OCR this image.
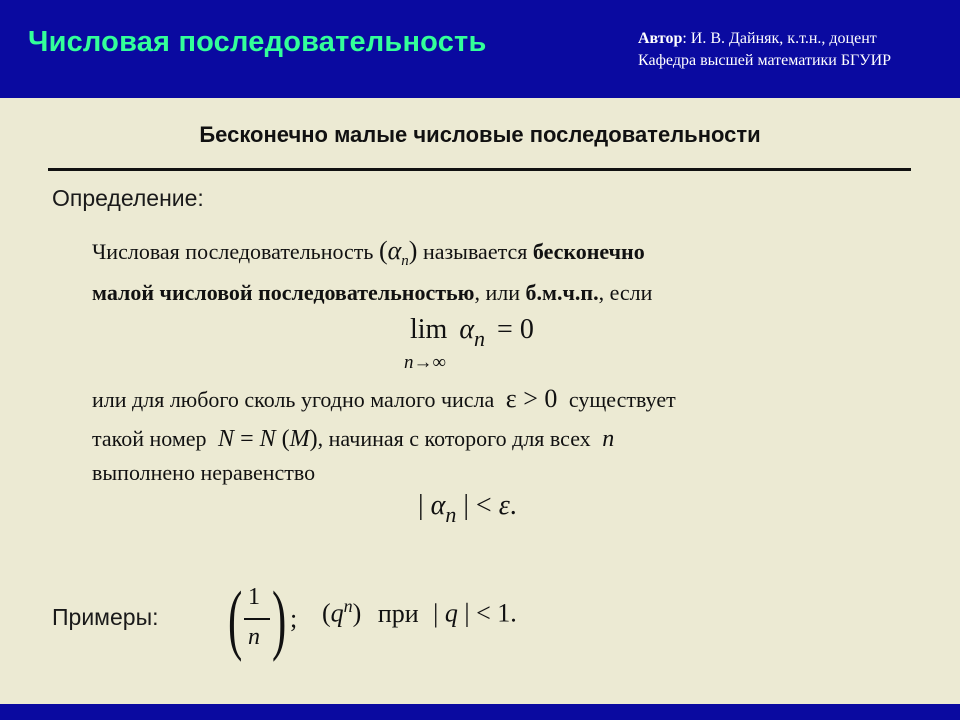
Числовая последовательность	Автор: И. В. Дайняк, к.т.н., доцент
Кафедра высшей математики БГУИР
Бесконечно малые числовые последовательности
Определение:
Числовая последовательность $(\alpha_n)$ называется бесконечно
малой числовой последовательностью, или б.м.ч.п., если
lim αn = 0
n→∞
или для любого сколь угодно малого числа ε > 0 существует
такой номер N = N (M), начиная с которого для всех n
выполнено неравенство
| $\alpha_n$ | < ε.
Примеры: ( 1
n ) ; $(q^n)$ при | q | < 1.
